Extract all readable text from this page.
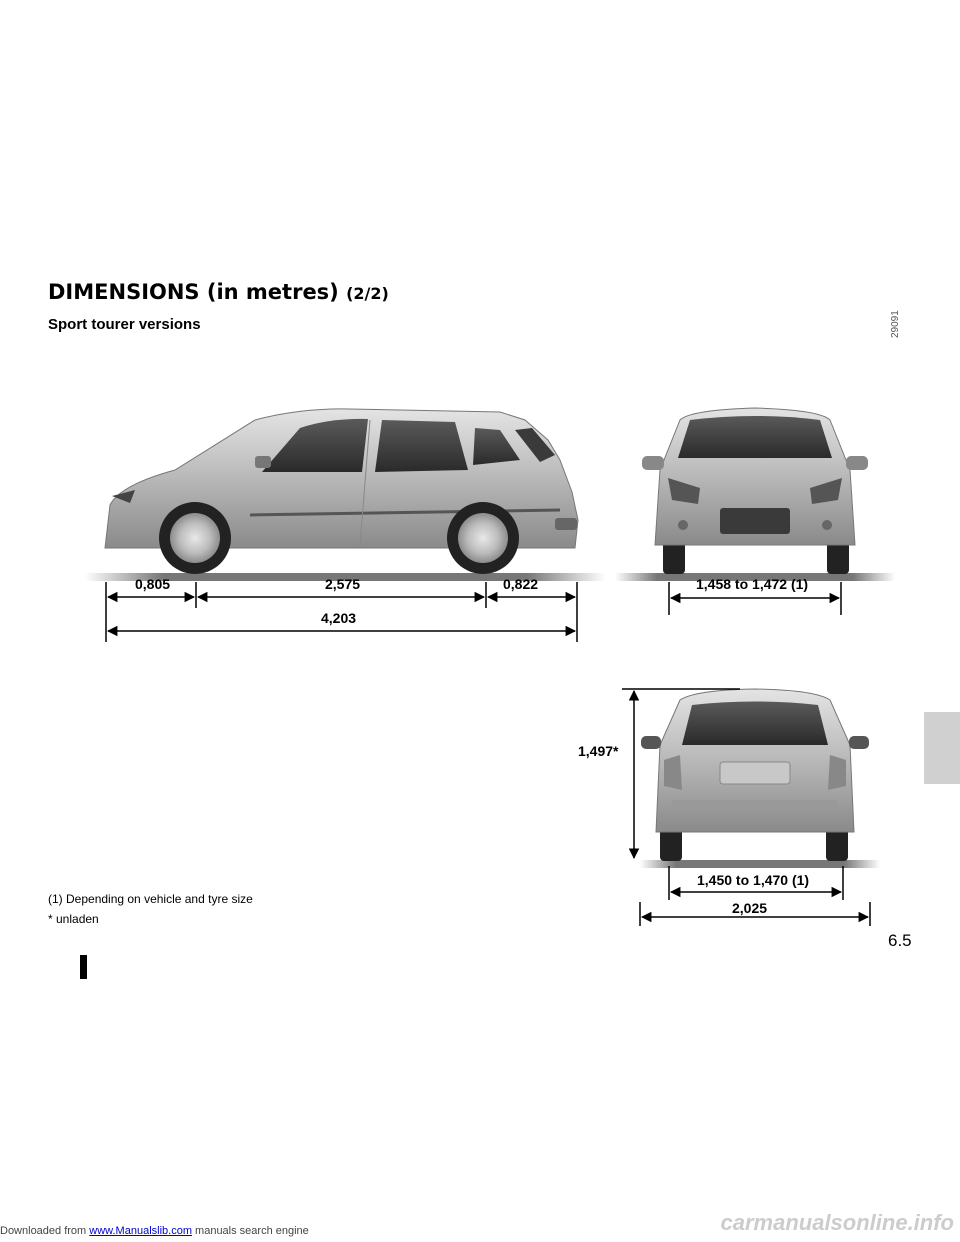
DIMENSIONS (in metres) (2/2)
Sport tourer versions	29091
0,805	2,575	0,822
4,203
1,458 to 1,472 (1)
1,497*
1,450 to 1,470 (1)
2,025
(1) Depending on vehicle and tyre size
* unladen
6.5
Downloaded from www.Manualslib.com manuals search engine	carmanualsonline.info
